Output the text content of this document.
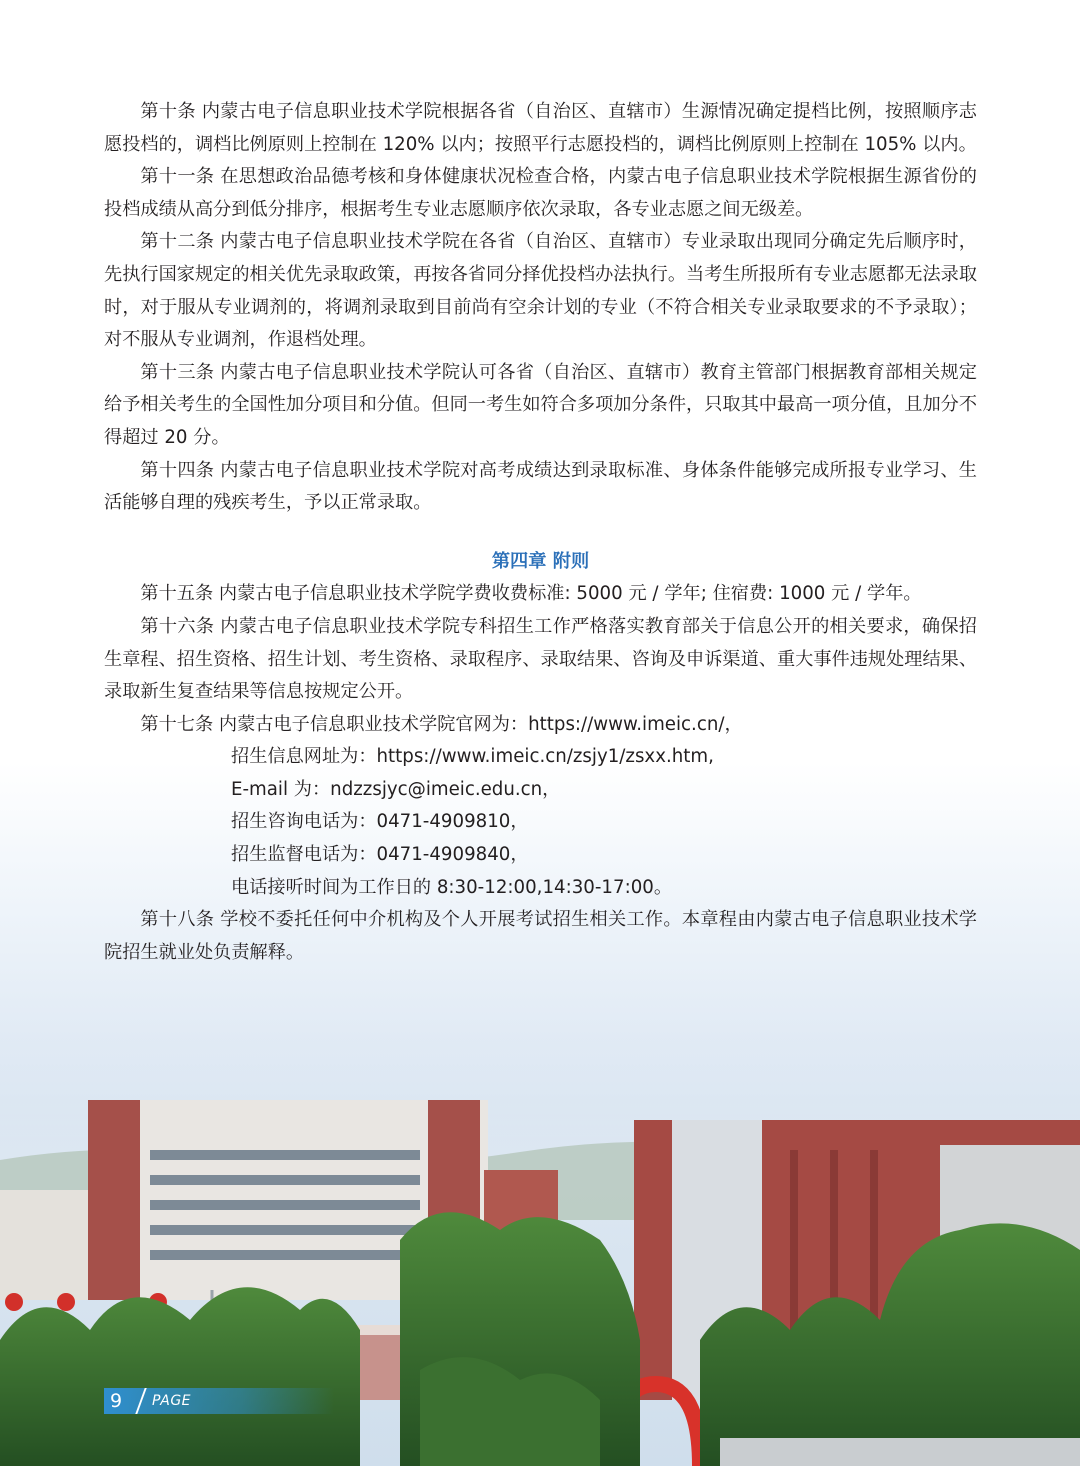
第十条 内蒙古电子信息职业技术学院根据各省（自治区、直辖市）生源情况确定提档比例，按照顺序志愿投档的，调档比例原则上控制在 120% 以内；按照平行志愿投档的，调档比例原则上控制在 105% 以内。

第十一条 在思想政治品德考核和身体健康状况检查合格，内蒙古电子信息职业技术学院根据生源省份的投档成绩从高分到低分排序，根据考生专业志愿顺序依次录取，各专业志愿之间无级差。

第十二条 内蒙古电子信息职业技术学院在各省（自治区、直辖市）专业录取出现同分确定先后顺序时，先执行国家规定的相关优先录取政策，再按各省同分择优投档办法执行。当考生所报所有专业志愿都无法录取时，对于服从专业调剂的，将调剂录取到目前尚有空余计划的专业（不符合相关专业录取要求的不予录取）；对不服从专业调剂，作退档处理。

第十三条 内蒙古电子信息职业技术学院认可各省（自治区、直辖市）教育主管部门根据教育部相关规定给予相关考生的全国性加分项目和分值。但同一考生如符合多项加分条件，只取其中最高一项分值，且加分不得超过 20 分。

第十四条 内蒙古电子信息职业技术学院对高考成绩达到录取标准、身体条件能够完成所报专业学习、生活能够自理的残疾考生，予以正常录取。

第四章 附则

第十五条 内蒙古电子信息职业技术学院学费收费标准: 5000 元 / 学年; 住宿费: 1000 元 / 学年。

第十六条 内蒙古电子信息职业技术学院专科招生工作严格落实教育部关于信息公开的相关要求，确保招生章程、招生资格、招生计划、考生资格、录取程序、录取结果、咨询及申诉渠道、重大事件违规处理结果、录取新生复查结果等信息按规定公开。

第十七条 内蒙古电子信息职业技术学院官网为：https://www.imeic.cn/，

招生信息网址为：https://www.imeic.cn/zsjy1/zsxx.htm,

E-mail 为：ndzzsjyc@imeic.edu.cn，

招生咨询电话为：0471-4909810，

招生监督电话为：0471-4909840，

电话接听时间为工作日的 8:30-12:00,14:30-17:00。

第十八条 学校不委托任何中介机构及个人开展考试招生相关工作。本章程由内蒙古电子信息职业技术学院招生就业处负责解释。

9	PAGE
